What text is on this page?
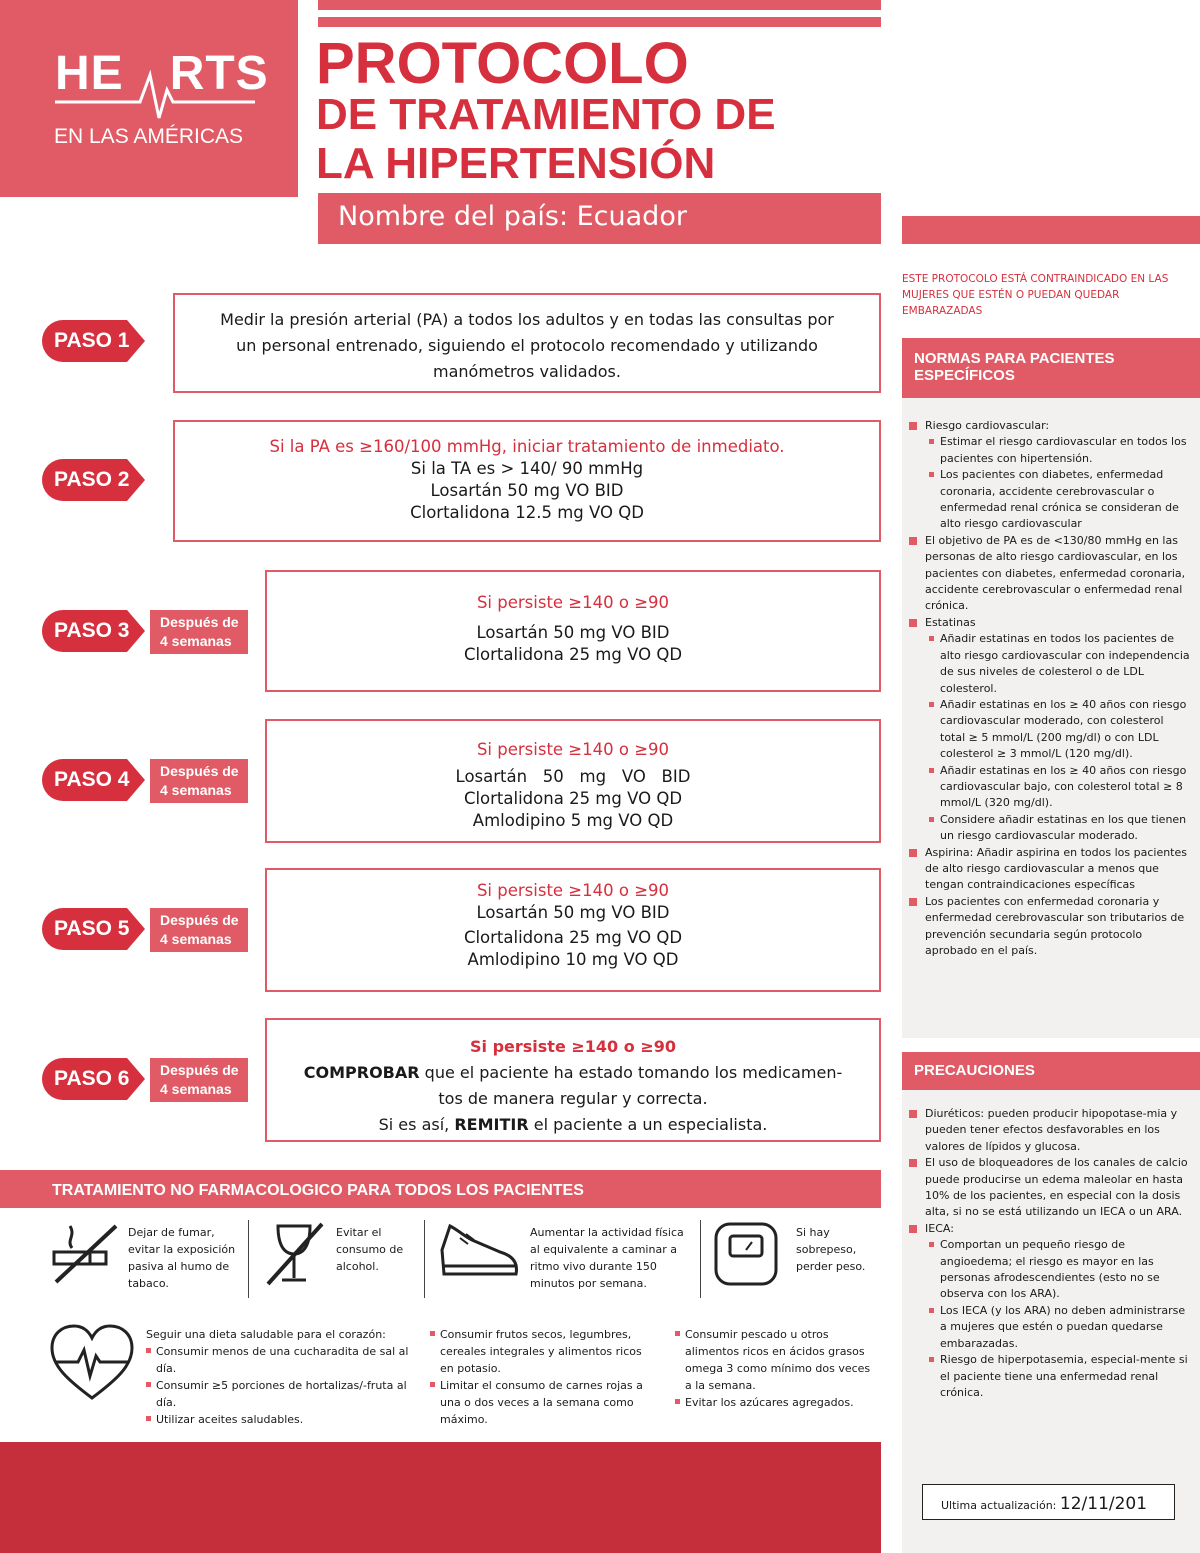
HE RTS
EN LAS AMÉRICAS
PROTOCOLO
DE TRATAMIENTO DE
LA HIPERTENSIÓN
Nombre del país: Ecuador
PASO 1
Medir la presión arterial (PA) a todos los adultos y en todas las consultas por
un personal entrenado, siguiendo el protocolo recomendado y utilizando
manómetros validados.
PASO 2
Si la PA es ≥160/100 mmHg, iniciar tratamiento de inmediato.
Si la TA es > 140/ 90 mmHg
Losartán 50 mg VO BID
Clortalidona 12.5 mg VO QD
PASO 3	Después de 4 semanas
Si persiste ≥140 o ≥90
Losartán 50 mg VO BID
Clortalidona 25 mg VO QD
PASO 4	Después de 4 semanas
Si persiste ≥140 o ≥90
Losartán   50   mg   VO   BID
Clortalidona 25 mg VO QD
Amlodipino 5 mg VO QD
PASO 5	Después de 4 semanas
Si persiste ≥140 o ≥90
Losartán 50 mg VO BID
Clortalidona 25 mg VO QD
Amlodipino 10 mg VO QD
PASO 6	Después de 4 semanas
Si persiste ≥140 o ≥90
COMPROBAR que el paciente ha estado tomando los medicamen-
tos de manera regular y correcta.
Si es así, REMITIR el paciente a un especialista.
ESTE PROTOCOLO ESTÁ CONTRAINDICADO EN LAS MUJERES QUE ESTÉN O PUEDAN QUEDAR EMBARAZADAS
NORMAS PARA PACIENTES ESPECÍFICOS
Riesgo cardiovascular:
Estimar el riesgo cardiovascular en todos los pacientes con hipertensión.
Los pacientes con diabetes, enfermedad coronaria, accidente cerebrovascular o enfermedad renal crónica se consideran de alto riesgo cardiovascular
El objetivo de PA es de <130/80 mmHg en las personas de alto riesgo cardiovascular, en los pacientes con diabetes, enfermedad coronaria, accidente cerebrovascular o enfermedad renal crónica.
Estatinas
Añadir estatinas en todos los pacientes de alto riesgo cardiovascular con independencia de sus niveles de colesterol o de LDL colesterol.
Añadir estatinas en los ≥ 40 años con riesgo cardiovascular moderado, con colesterol total ≥ 5 mmol/L (200 mg/dl) o con LDL colesterol ≥ 3 mmol/L (120 mg/dl).
Añadir estatinas en los ≥ 40 años con riesgo cardiovascular bajo, con colesterol total ≥ 8 mmol/L (320 mg/dl).
Considere añadir estatinas en los que tienen un riesgo cardiovascular moderado.
Aspirina: Añadir aspirina en todos los pacientes de alto riesgo cardiovascular a menos que tengan contraindicaciones específicas
Los pacientes con enfermedad coronaria y enfermedad cerebrovascular son tributarios de prevención secundaria según protocolo aprobado en el país.
PRECAUCIONES
Diuréticos: pueden producir hipopotase-mia y pueden tener efectos desfavorables en los valores de lípidos y glucosa.
El uso de bloqueadores de los canales de calcio puede producirse un edema maleolar en hasta 10% de los pacientes, en especial con la dosis alta, si no se está utilizando un IECA o un ARA.
IECA:
Comportan un pequeño riesgo de angioedema; el riesgo es mayor en las personas afrodescendientes (esto no se observa con los ARA).
Los IECA (y los ARA) no deben administrarse a mujeres que estén o puedan quedarse embarazadas.
Riesgo de hiperpotasemia, especial-mente si el paciente tiene una enfermedad renal crónica.
Ultima actualización: 12/11/201
TRATAMIENTO NO FARMACOLOGICO PARA TODOS LOS PACIENTES
Dejar de fumar, evitar la exposición pasiva al humo de tabaco.
Evitar el consumo de alcohol.
Aumentar la actividad física al equivalente a caminar a ritmo vivo durante 150 minutos por semana.
Si hay sobrepeso, perder peso.
Seguir una dieta saludable para el corazón:
Consumir menos de una cucharadita de sal al día.
Consumir ≥5 porciones de hortalizas/-fruta al día.
Utilizar aceites saludables.
Consumir frutos secos, legumbres, cereales integrales y alimentos ricos en potasio.
Limitar el consumo de carnes rojas a una o dos veces a la semana como máximo.
Consumir pescado u otros alimentos ricos en ácidos grasos omega 3 como mínimo dos veces a la semana.
Evitar los azúcares agregados.
